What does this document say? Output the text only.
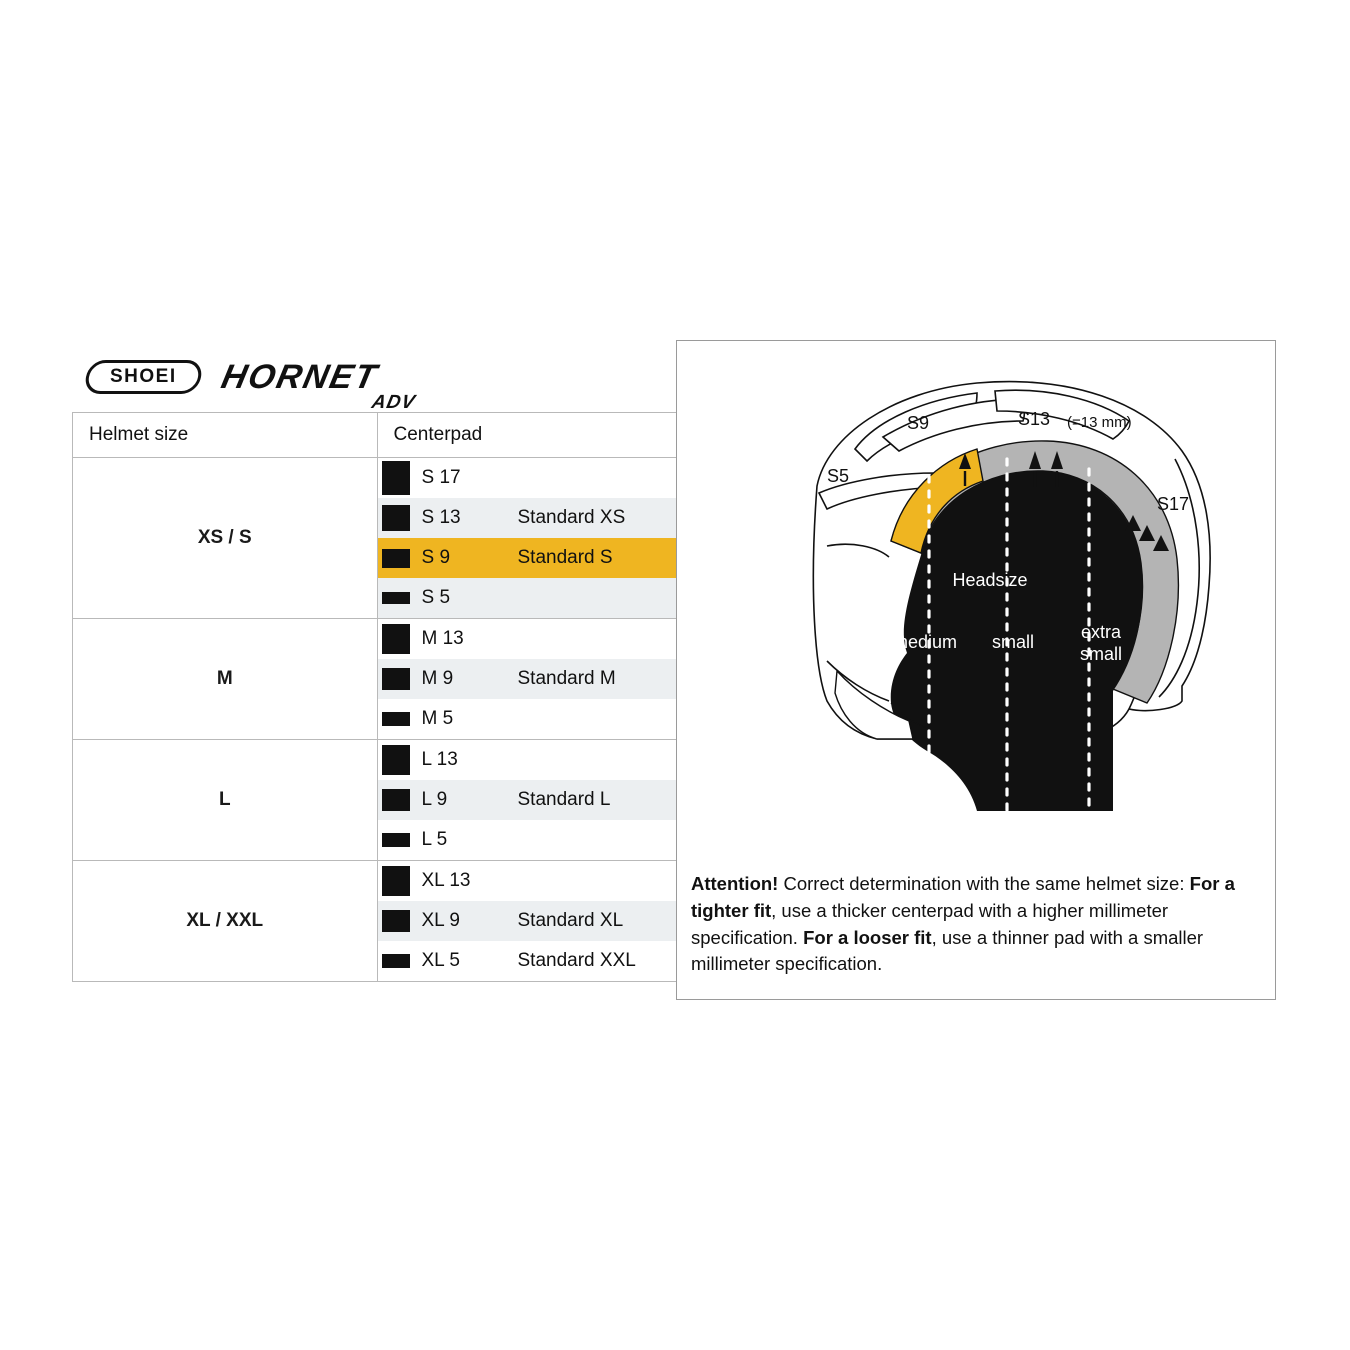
SHOEI HORNET
ADV
Helmet size	Centerpad
XS / S	
S 17
S 13	Standard XS
S 9	Standard S
S 5

M	M 13
M 9 Standard M
M 5

L	L 13
L 9 Standard L
L 5

XL / XXL	XL 13
XL 9 Standard XL
XL 5 Standard XXL
S5
S9	S13 (=13 mm)
S17
Headsize
large	medium	small	extra
small
Attention! Correct determination with the same helmet size: For a tighter fit, use a thicker centerpad with a higher millimeter specification. For a looser fit, use a thinner pad with a smaller millimeter specification.
